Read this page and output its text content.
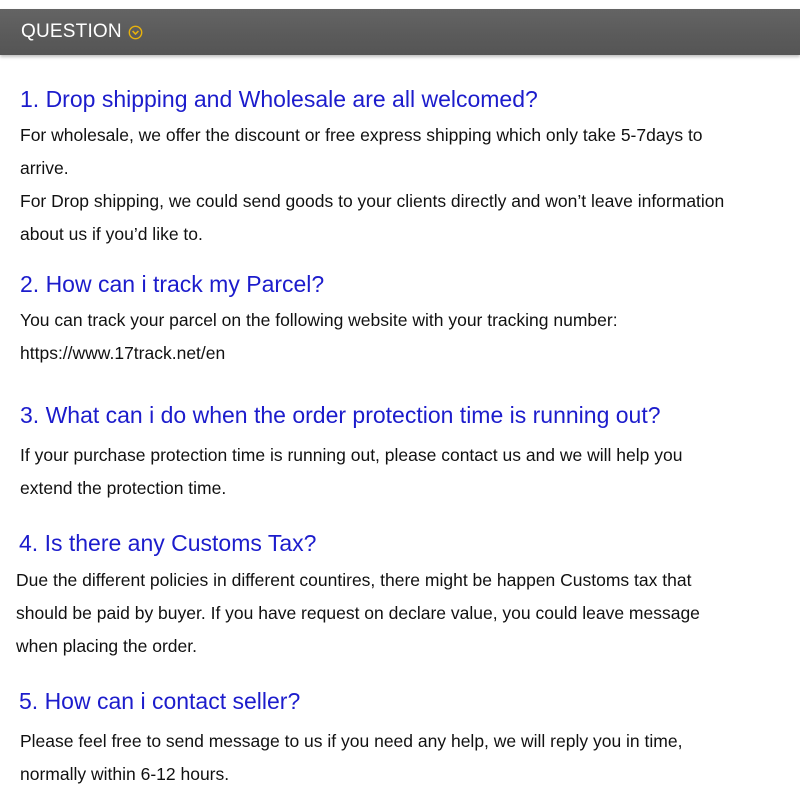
QUESTION
1. Drop shipping and Wholesale are all welcomed?
For wholesale, we offer the discount or free express shipping which only take 5-7days to
arrive.
For Drop shipping, we could send goods to your clients directly and won’t leave information
about us if you’d like to.
2. How can i track my Parcel?
You can track your parcel on the following website with your tracking number:
https://www.17track.net/en
3. What can i do when the order protection time is running out?
If your purchase protection time is running out, please contact us and we will help you
extend the protection time.
4. Is there any Customs Tax?
Due the different policies in different countires, there might be happen Customs tax that
should be paid by buyer. If you have request on declare value, you could leave message
when placing the order.
5. How can i contact seller?
Please feel free to send message to us if you need any help, we will reply you in time,
normally within 6-12 hours.
